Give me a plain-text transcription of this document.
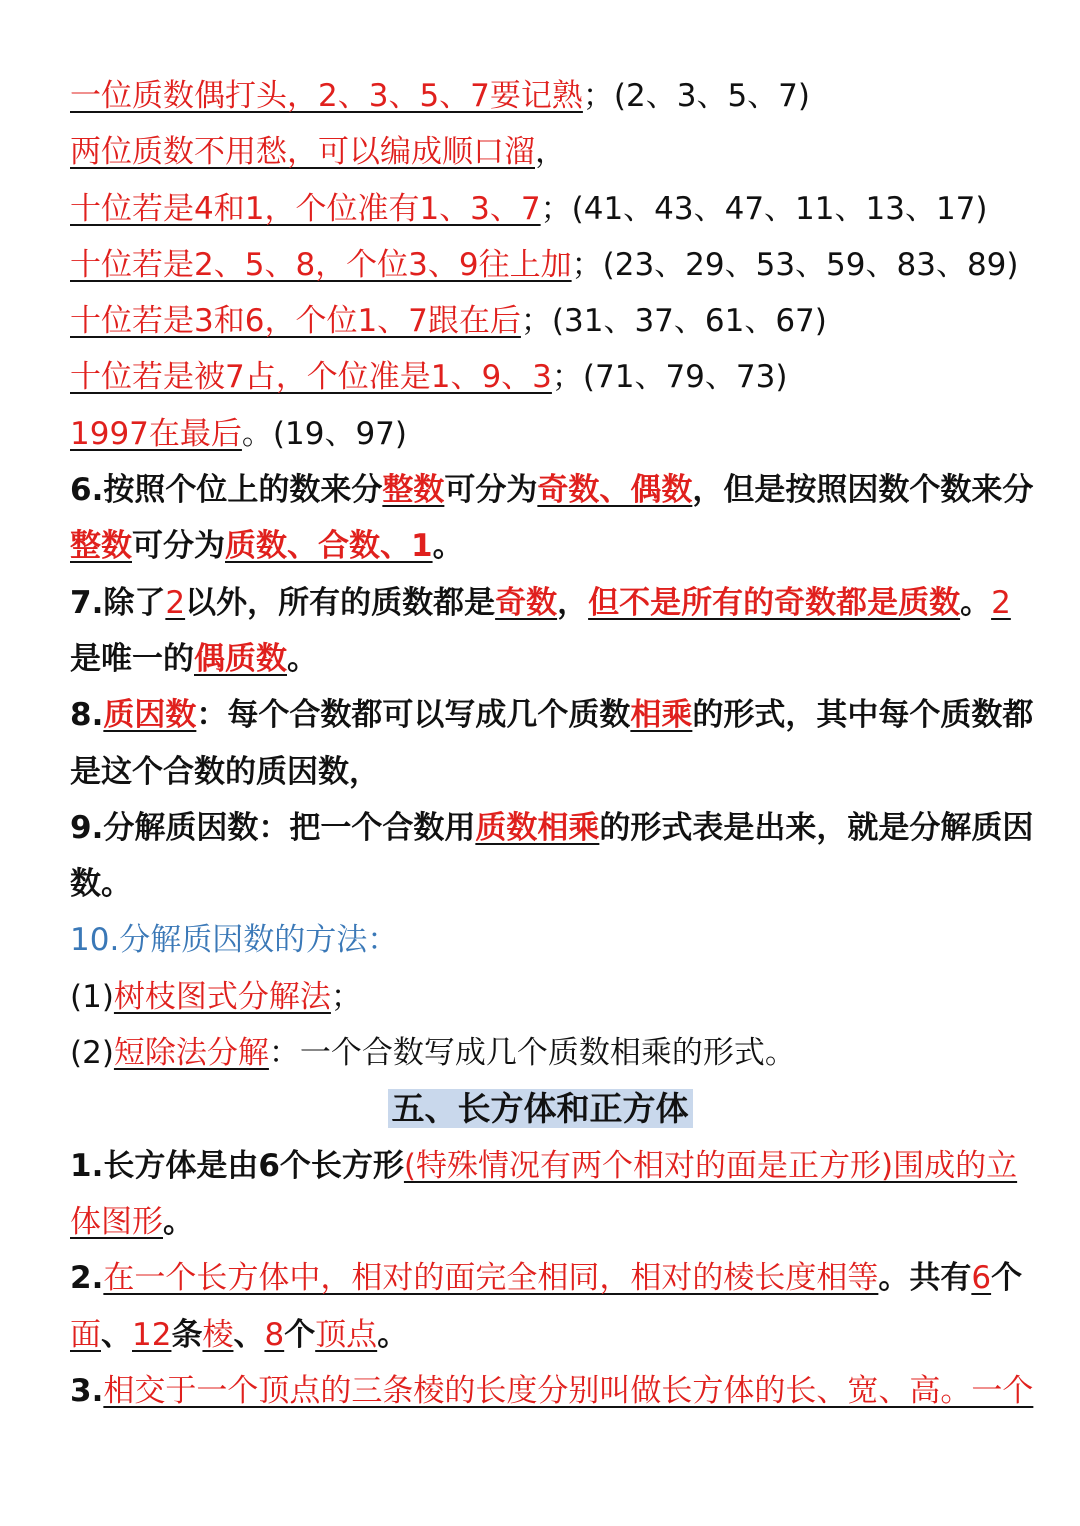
一位质数偶打头，2、3、5、7要记熟；(2、3、5、7)
两位质数不用愁，可以编成顺口溜，
十位若是4和1，个位准有1、3、7；(41、43、47、11、13、17)
十位若是2、5、8，个位3、9往上加；(23、29、53、59、83、89)
十位若是3和6，个位1、7跟在后；(31、37、61、67)
十位若是被7占，个位准是1、9、3；(71、79、73)
1997在最后。(19、97)
6.按照个位上的数来分整数可分为奇数、偶数，但是按照因数个数来分
整数可分为质数、合数、1。
7.除了2以外，所有的质数都是奇数，但不是所有的奇数都是质数。2
是唯一的偶质数。
8.质因数：每个合数都可以写成几个质数相乘的形式，其中每个质数都
是这个合数的质因数，
9.分解质因数：把一个合数用质数相乘的形式表是出来，就是分解质因
数。
10.分解质因数的方法：
(1)树枝图式分解法；
(2)短除法分解：一个合数写成几个质数相乘的形式。
五、长方体和正方体
1.长方体是由6个长方形(特殊情况有两个相对的面是正方形)围成的立
体图形。
2.在一个长方体中，相对的面完全相同，相对的棱长度相等。共有6个
面、12条棱、8个顶点。
3.相交于一个顶点的三条棱的长度分别叫做长方体的长、宽、高。一个
